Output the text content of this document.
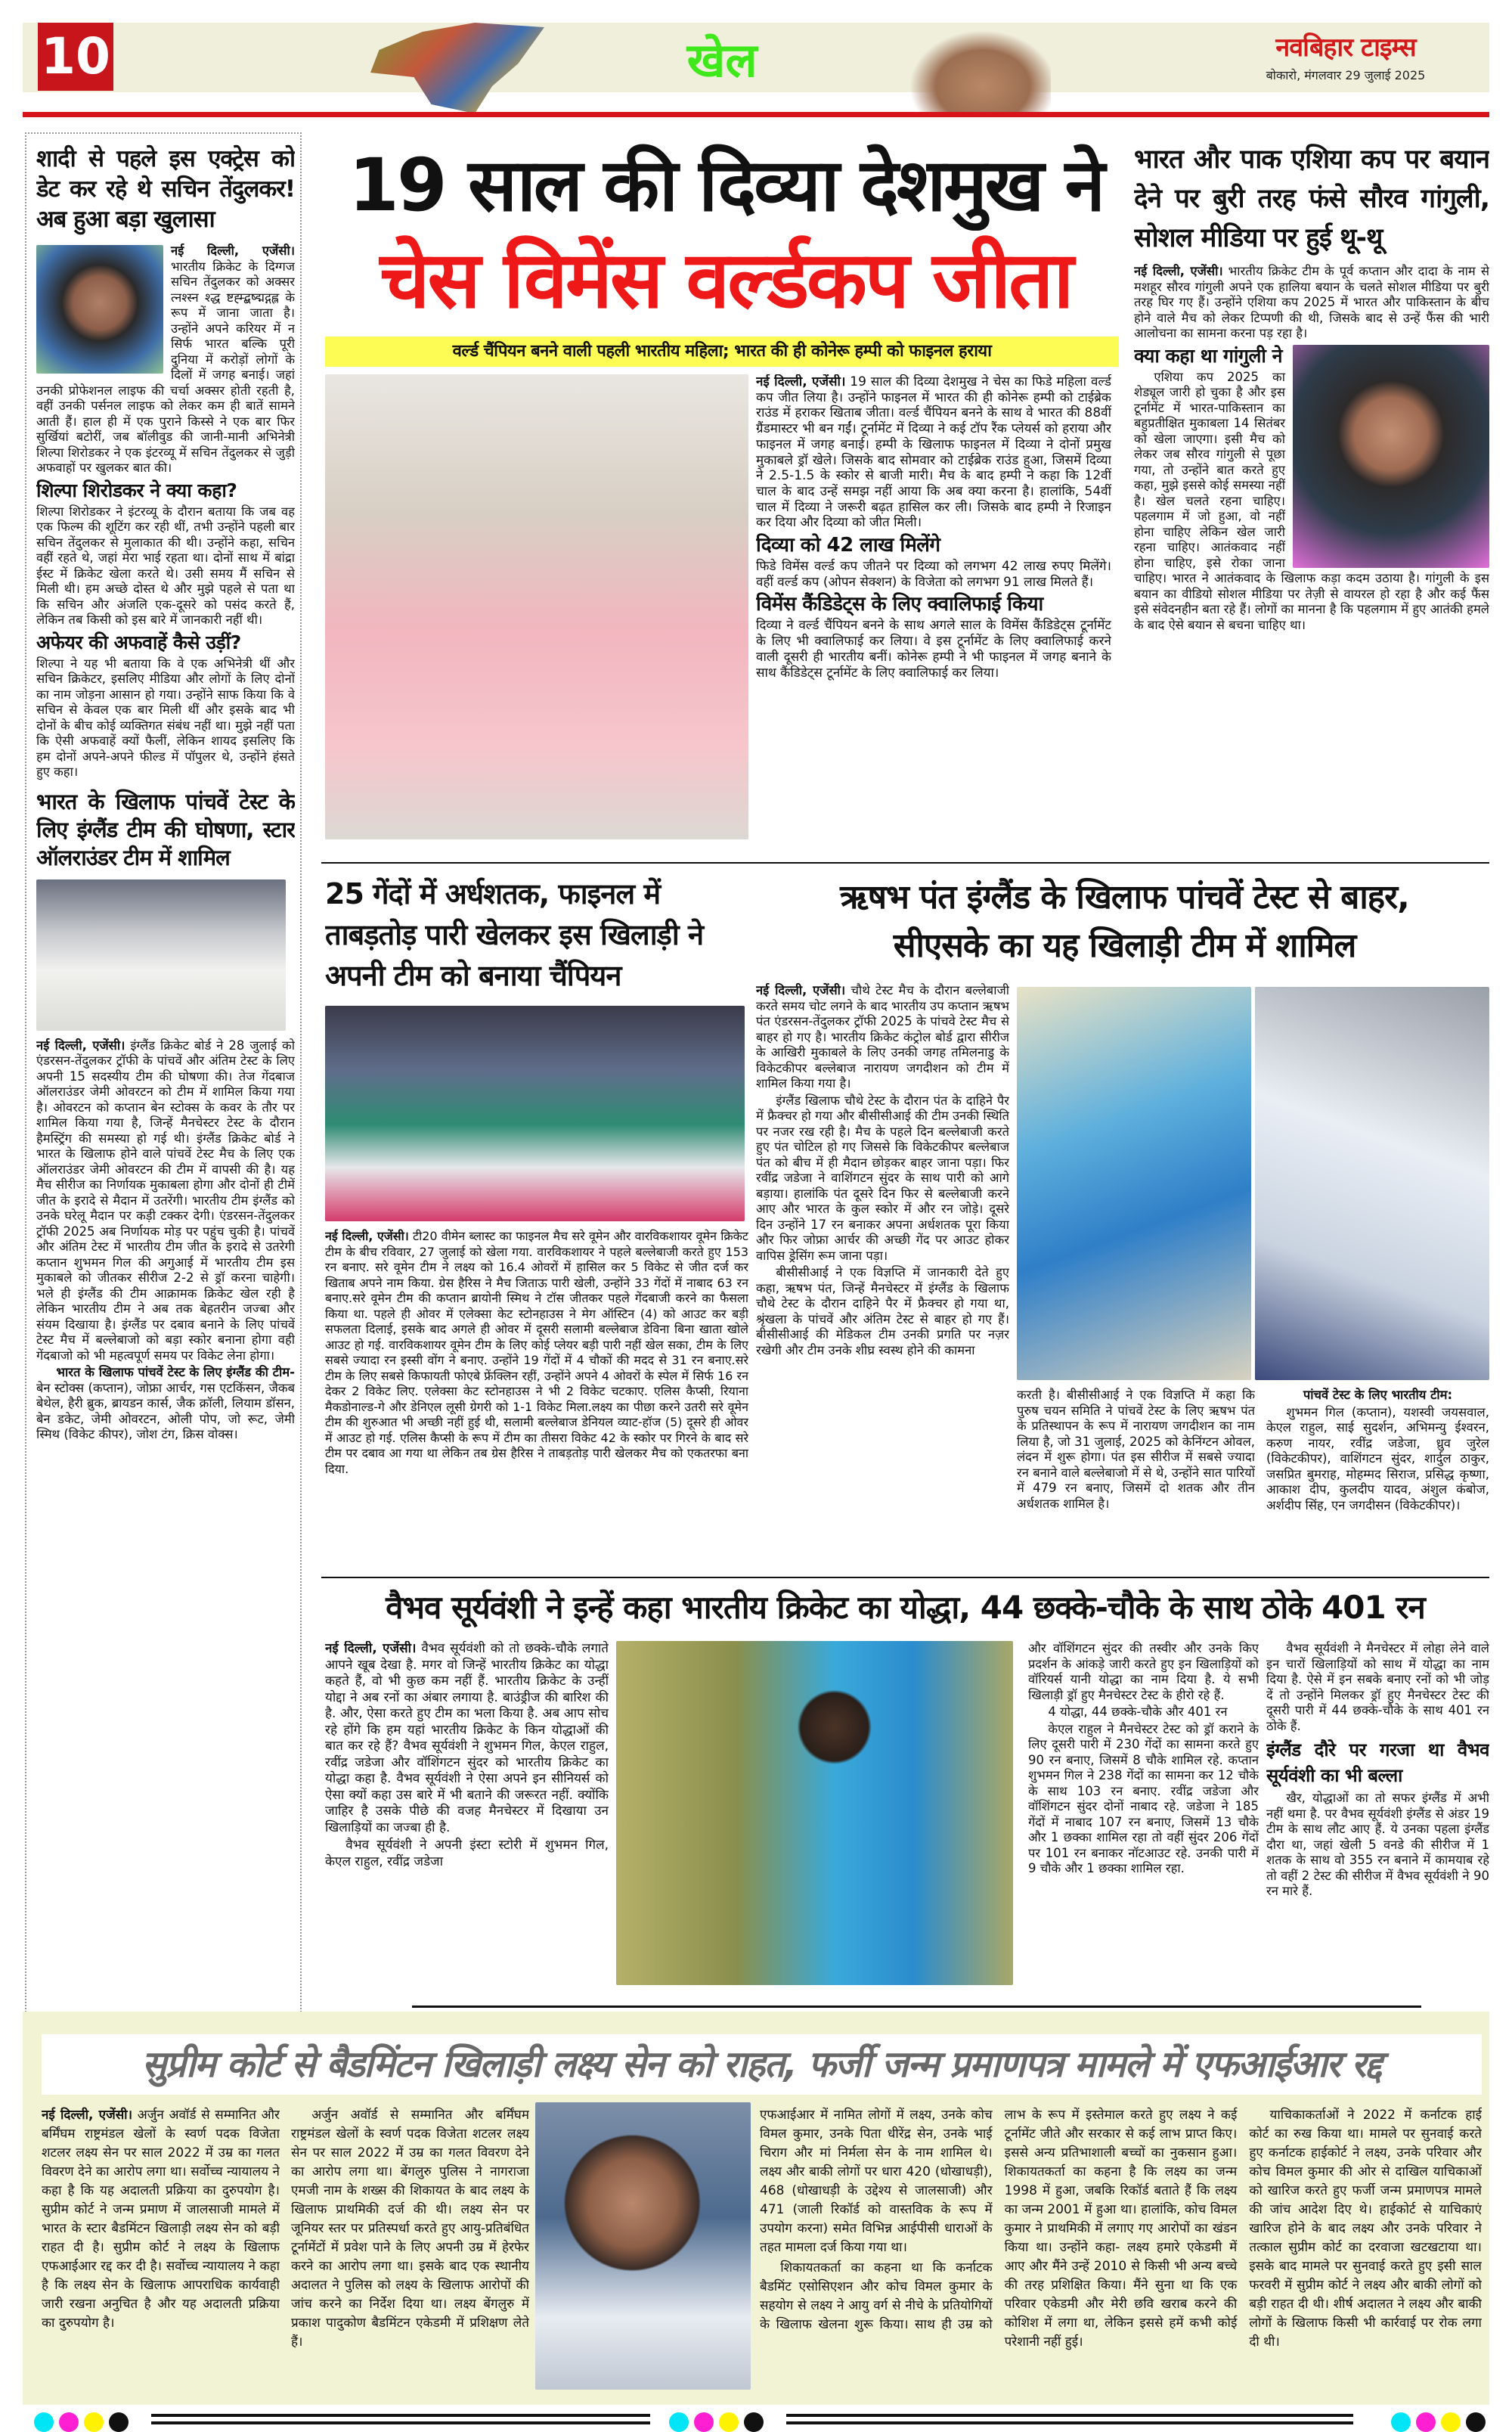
10	खेल	नवबिहार टाइम्स
बोकारो, मंगलवार 29 जुलाई 2025
शादी से पहले इस एक्ट्रेस को डेट कर रहे थे सचिन तेंदुलकर! अब हुआ बड़ा खुलासा

नई दिल्ली, एजेंसी। भारतीय क्रिकेट के दिग्गज सचिन तेंदुलकर को अक्सर त्नश्स्न श्द्ध ष्टह्म्द्बष्द्मद्गह्ल के रूप में जाना जाता है। उन्होंने अपने करियर में न सिर्फ भारत बल्कि पूरी दुनिया में करोड़ों लोगों के दिलों में जगह बनाई। जहां उनकी प्रोफेशनल लाइफ की चर्चा अक्सर होती रहती है, वहीं उनकी पर्सनल लाइफ को लेकर कम ही बातें सामने आती हैं। हाल ही में एक पुराने किस्से ने एक बार फिर सुर्खियां बटोरीं, जब बॉलीवुड की जानी-मानी अभिनेत्री शिल्पा शिरोडकर ने एक इंटरव्यू में सचिन तेंदुलकर से जुड़ी अफवाहों पर खुलकर बात की।

शिल्पा शिरोडकर ने क्या कहा?

शिल्पा शिरोडकर ने इंटरव्यू के दौरान बताया कि जब वह एक फिल्म की शूटिंग कर रही थीं, तभी उन्होंने पहली बार सचिन तेंदुलकर से मुलाकात की थी। उन्होंने कहा, सचिन वहीं रहते थे, जहां मेरा भाई रहता था। दोनों साथ में बांद्रा ईस्ट में क्रिकेट खेला करते थे। उसी समय मैं सचिन से मिली थी। हम अच्छे दोस्त थे और मुझे पहले से पता था कि सचिन और अंजलि एक-दूसरे को पसंद करते हैं, लेकिन तब किसी को इस बारे में जानकारी नहीं थी।

अफेयर की अफवाहें कैसे उड़ीं?

शिल्पा ने यह भी बताया कि वे एक अभिनेत्री थीं और सचिन क्रिकेटर, इसलिए मीडिया और लोगों के लिए दोनों का नाम जोड़ना आसान हो गया। उन्होंने साफ किया कि वे सचिन से केवल एक बार मिली थीं और इसके बाद भी दोनों के बीच कोई व्यक्तिगत संबंध नहीं था। मुझे नहीं पता कि ऐसी अफवाहें क्यों फैलीं, लेकिन शायद इसलिए कि हम दोनों अपने-अपने फील्ड में पॉपुलर थे, उन्होंने हंसते हुए कहा।

भारत के खिलाफ पांचवें टेस्ट के लिए इंग्लैंड टीम की घोषणा, स्टार ऑलराउंडर टीम में शामिल

नई दिल्ली, एजेंसी। इंग्लैंड क्रिकेट बोर्ड ने 28 जुलाई को एंडरसन-तेंदुलकर ट्रॉफी के पांचवें और अंतिम टेस्ट के लिए अपनी 15 सदस्यीय टीम की घोषणा की। तेज गेंदबाज ऑलराउंडर जेमी ओवरटन को टीम में शामिल किया गया है। ओवरटन को कप्तान बेन स्टोक्स के कवर के तौर पर शामिल किया गया है, जिन्हें मैनचेस्टर टेस्ट के दौरान हैमस्ट्रिंग की समस्या हो गई थी। इंग्लैंड क्रिकेट बोर्ड ने भारत के खिलाफ होने वाले पांचवें टेस्ट मैच के लिए एक ऑलराउंडर जेमी ओवरटन की टीम में वापसी की है। यह मैच सीरीज का निर्णायक मुकाबला होगा और दोनों ही टीमें जीत के इरादे से मैदान में उतरेंगी। भारतीय टीम इंग्लैंड को उनके घरेलू मैदान पर कड़ी टक्कर देगी। एंडरसन-तेंदुलकर ट्रॉफी 2025 अब निर्णायक मोड़ पर पहुंच चुकी है। पांचवें और अंतिम टेस्ट में भारतीय टीम जीत के इरादे से उतरेगी कप्तान शुभमन गिल की अगुआई में भारतीय टीम इस मुकाबले को जीतकर सीरीज 2-2 से ड्रॉ करना चाहेगी। भले ही इंग्लैंड की टीम आक्रामक क्रिकेट खेल रही है लेकिन भारतीय टीम ने अब तक बेहतरीन जज्बा और संयम दिखाया है। इंग्लैंड पर दबाव बनाने के लिए पांचवें टेस्ट मैच में बल्लेबाजो को बड़ा स्कोर बनाना होगा वही गेंदबाजो को भी महत्वपूर्ण समय पर विकेट लेना होगा।

भारत के खिलाफ पांचवें टेस्ट के लिए इंग्लैंड की टीम-बेन स्टोक्स (कप्तान), जोफ्रा आर्चर, गस एटकिंसन, जैकब बेथेल, हैरी ब्रुक, ब्रायडन कार्स, जैक क्रॉली, लियाम डॉसन, बेन डकेट, जेमी ओवरटन, ओली पोप, जो रूट, जेमी स्मिथ (विकेट कीपर), जोश टंग, क्रिस वोक्स।

19 साल की दिव्या देशमुख ने
चेस विमेंस वर्ल्डकप जीता
वर्ल्ड चैंपियन बनने वाली पहली भारतीय महिला; भारत की ही कोनेरू हम्पी को फाइनल हराया

नई दिल्ली, एजेंसी। 19 साल की दिव्या देशमुख ने चेस का फिडे महिला वर्ल्ड कप जीत लिया है। उन्होंने फाइनल में भारत की ही कोनेरू हम्पी को टाईब्रेक राउंड में हराकर खिताब जीता। वर्ल्ड चैंपियन बनने के साथ वे भारत की 88वीं ग्रैंडमास्टर भी बन गईं। टूर्नामेंट में दिव्या ने कई टॉप रैंक प्लेयर्स को हराया और फाइनल में जगह बनाई। हम्पी के खिलाफ फाइनल में दिव्या ने दोनों प्रमुख मुकाबले ड्रॉ खेले। जिसके बाद सोमवार को टाईब्रेक राउंड हुआ, जिसमें दिव्या ने 2.5-1.5 के स्कोर से बाजी मारी। मैच के बाद हम्पी ने कहा कि 12वीं चाल के बाद उन्हें समझ नहीं आया कि अब क्या करना है। हालांकि, 54वीं चाल में दिव्या ने जरूरी बढ़त हासिल कर ली। जिसके बाद हम्पी ने रिजाइन कर दिया और दिव्या को जीत मिली।

दिव्या को 42 लाख मिलेंगे

फिडे विमेंस वर्ल्ड कप जीतने पर दिव्या को लगभग 42 लाख रुपए मिलेंगे। वहीं वर्ल्ड कप (ओपन सेक्शन) के विजेता को लगभग 91 लाख मिलते हैं।

विमेंस कैंडिडेट्स के लिए क्वालिफाई किया

दिव्या ने वर्ल्ड चैंपियन बनने के साथ अगले साल के विमेंस कैंडिडेट्स टूर्नामेंट के लिए भी क्वालिफाई कर लिया। वे इस टूर्नामेंट के लिए क्वालिफाई करने वाली दूसरी ही भारतीय बनीं। कोनेरू हम्पी ने भी फाइनल में जगह बनाने के साथ कैंडिडेट्स टूर्नामेंट के लिए क्वालिफाई कर लिया।

भारत और पाक एशिया कप पर बयान देने पर बुरी तरह फंसे सौरव गांगुली, सोशल मीडिया पर हुई थू-थू

नई दिल्ली, एजेंसी। भारतीय क्रिकेट टीम के पूर्व कप्तान और दादा के नाम से मशहूर सौरव गांगुली अपने एक हालिया बयान के चलते सोशल मीडिया पर बुरी तरह घिर गए हैं। उन्होंने एशिया कप 2025 में भारत और पाकिस्तान के बीच होने वाले मैच को लेकर टिप्पणी की थी, जिसके बाद से उन्हें फैंस की भारी आलोचना का सामना करना पड़ रहा है।

क्या कहा था गांगुली ने

एशिया कप 2025 का शेड्यूल जारी हो चुका है और इस टूर्नामेंट में भारत-पाकिस्तान का बहुप्रतीक्षित मुकाबला 14 सितंबर को खेला जाएगा। इसी मैच को लेकर जब सौरव गांगुली से पूछा गया, तो उन्होंने बात करते हुए कहा, मुझे इससे कोई समस्या नहीं है। खेल चलते रहना चाहिए। पहलगाम में जो हुआ, वो नहीं होना चाहिए लेकिन खेल जारी रहना चाहिए। आतंकवाद नहीं होना चाहिए, इसे रोका जाना चाहिए। भारत ने आतंकवाद के खिलाफ कड़ा कदम उठाया है। गांगुली के इस बयान का वीडियो सोशल मीडिया पर तेज़ी से वायरल हो रहा है और कई फैंस इसे संवेदनहीन बता रहे हैं। लोगों का मानना है कि पहलगाम में हुए आतंकी हमले के बाद ऐसे बयान से बचना चाहिए था।

25 गेंदों में अर्धशतक, फाइनल में ताबड़तोड़ पारी खेलकर इस खिलाड़ी ने अपनी टीम को बनाया चैंपियन

नई दिल्ली, एजेंसी। टी20 वीमेन ब्लास्ट का फाइनल मैच सरे वूमेन और वारविकशायर वूमेन क्रिकेट टीम के बीच रविवार, 27 जुलाई को खेला गया. वारविकशायर ने पहले बल्लेबाजी करते हुए 153 रन बनाए. सरे वूमेन टीम ने लक्ष्य को 16.4 ओवरों में हासिल कर 5 विकेट से जीत दर्ज कर खिताब अपने नाम किया. ग्रेस हैरिस ने मैच जिताऊ पारी खेली, उन्होंने 33 गेंदों में नाबाद 63 रन बनाए.सरे वूमेन टीम की कप्तान ब्रायोनी स्मिथ ने टॉस जीतकर पहले गेंदबाजी करने का फैसला किया था. पहले ही ओवर में एलेक्सा केट स्टोनहाउस ने मेग ऑस्टिन (4) को आउट कर बड़ी सफलता दिलाई, इसके बाद अगले ही ओवर में दूसरी सलामी बल्लेबाज डेविना बिना खाता खोले आउट हो गई. वारविकशायर वूमेन टीम के लिए कोई प्लेयर बड़ी पारी नहीं खेल सका, टीम के लिए सबसे ज्यादा रन इस्सी वोंग ने बनाए. उन्होंने 19 गेंदों में 4 चौकों की मदद से 31 रन बनाए.सरे टीम के लिए सबसे किफायती फोएबे फ्रेंक्लिन रहीं, उन्होंने अपने 4 ओवरों के स्पेल में सिर्फ 16 रन देकर 2 विकेट लिए. एलेक्सा केट स्टोनहाउस ने भी 2 विकेट चटकाए. एलिस कैप्सी, रियाना मैकडोनाल्ड-गे और डेनिएल लूसी ग्रेगरी को 1-1 विकेट मिला.लक्ष्य का पीछा करने उतरी सरे वूमेन टीम की शुरुआत भी अच्छी नहीं हुई थी, सलामी बल्लेबाज डेनियल व्याट-हॉज (5) दूसरे ही ओवर में आउट हो गई. एलिस कैप्सी के रूप में टीम का तीसरा विकेट 42 के स्कोर पर गिरने के बाद सरे टीम पर दबाव आ गया था लेकिन तब ग्रेस हैरिस ने ताबड़तोड़ पारी खेलकर मैच को एकतरफा बना दिया.

ऋषभ पंत इंग्लैंड के खिलाफ पांचवें टेस्ट से बाहर,
सीएसके का यह खिलाड़ी टीम में शामिल

नई दिल्ली, एजेंसी। चौथे टेस्ट मैच के दौरान बल्लेबाजी करते समय चोट लगने के बाद भारतीय उप कप्तान ऋषभ पंत एंडरसन-तेंदुलकर ट्रॉफी 2025 के पांचवे टेस्ट मैच से बाहर हो गए है। भारतीय क्रिकेट कंट्रोल बोर्ड द्वारा सीरीज के आखिरी मुकाबले के लिए उनकी जगह तमिलनाडु के विकेटकीपर बल्लेबाज नारायण जगदीशन को टीम में शामिल किया गया है।

इंग्लैंड खिलाफ चौथे टेस्ट के दौरान पंत के दाहिने पैर में फ्रैक्चर हो गया और बीसीसीआई की टीम उनकी स्थिति पर नजर रख रही है। मैच के पहले दिन बल्लेबाजी करते हुए पंत चोटिल हो गए जिससे कि विकेटकीपर बल्लेबाज पंत को बीच में ही मैदान छोड़कर बाहर जाना पड़ा। फिर रवींद्र जडेजा ने वाशिंगटन सुंदर के साथ पारी को आगे बड़ाया। हालांकि पंत दूसरे दिन फिर से बल्लेबाजी करने आए और भारत के कुल स्कोर में और रन जोड़े। दूसरे दिन उन्होंने 17 रन बनाकर अपना अर्धशतक पूरा किया और फिर जोफ्रा आर्चर की अच्छी गेंद पर आउट होकर वापिस ड्रेसिंग रूम जाना पड़ा।

बीसीसीआई ने एक विज्ञप्ति में जानकारी देते हुए कहा, ऋषभ पंत, जिन्हें मैनचेस्टर में इंग्लैंड के खिलाफ चौथे टेस्ट के दौरान दाहिने पैर में फ्रैक्चर हो गया था, श्रृंखला के पांचवें और अंतिम टेस्ट से बाहर हो गए हैं। बीसीसीआई की मेडिकल टीम उनकी प्रगति पर नज़र रखेगी और टीम उनके शीघ्र स्वस्थ होने की कामना

करती है। बीसीसीआई ने एक विज्ञप्ति में कहा कि पुरुष चयन समिति ने पांचवें टेस्ट के लिए ऋषभ पंत के प्रतिस्थापन के रूप में नारायण जगदीशन का नाम लिया है, जो 31 जुलाई, 2025 को केनिंग्टन ओवल, लंदन में शुरू होगा। पंत इस सीरीज में सबसे ज्यादा रन बनाने वाले बल्लेबाजो में से थे, उन्होंने सात पारियों में 479 रन बनाए, जिसमें दो शतक और तीन अर्धशतक शामिल है।

पांचवें टेस्ट के लिए भारतीय टीम:

शुभमन गिल (कप्तान), यशस्वी जयसवाल, केएल राहुल, साई सुदर्शन, अभिमन्यु ईश्वरन, करुण नायर, रवींद्र जडेजा, ध्रुव जुरेल (विकेटकीपर), वाशिंगटन सुंदर, शार्दुल ठाकुर, जसप्रित बुमराह, मोहम्मद सिराज, प्रसिद्ध कृष्णा, आकाश दीप, कुलदीप यादव, अंशुल कंबोज, अर्शदीप सिंह, एन जगदीसन (विकेटकीपर)।

वैभव सूर्यवंशी ने इन्हें कहा भारतीय क्रिकेट का योद्धा, 44 छक्के-चौके के साथ ठोके 401 रन

नई दिल्ली, एजेंसी। वैभव सूर्यवंशी को तो छक्के-चौके लगाते आपने खूब देखा है. मगर वो जिन्हें भारतीय क्रिकेट का योद्धा कहते हैं, वो भी कुछ कम नहीं हैं. भारतीय क्रिकेट के उन्हीं योद्दा ने अब रनों का अंबार लगाया है. बाउंड्रीज की बारिश की है. और, ऐसा करते हुए टीम का भला किया है. अब आप सोच रहे होंगे कि हम यहां भारतीय क्रिकेट के किन योद्धाओं की बात कर रहे हैं? वैभव सूर्यवंशी ने शुभमन गिल, केएल राहुल, रवींद्र जडेजा और वॉशिंगटन सुंदर को भारतीय क्रिकेट का योद्धा कहा है. वैभव सूर्यवंशी ने ऐसा अपने इन सीनियर्स को ऐसा क्यों कहा उस बारे में भी बताने की जरूरत नहीं. क्योंकि जाहिर है उसके पीछे की वजह मैनचेस्टर में दिखाया उन खिलाड़ियों का जज्बा ही है.

वैभव सूर्यवंशी ने अपनी इंस्टा स्टोरी में शुभमन गिल, केएल राहुल, रवींद्र जडेजा

और वॉशिंगटन सुंदर की तस्वीर और उनके किए प्रदर्शन के आंकड़े जारी करते हुए इन खिलाड़ियों को वॉरियर्स यानी योद्धा का नाम दिया है. ये सभी खिलाड़ी ड्रॉ हुए मैनचेस्टर टेस्ट के हीरो रहे हैं.

4 योद्धा, 44 छक्के-चौके और 401 रन

केएल राहुल ने मैनचेस्टर टेस्ट को ड्रॉ कराने के लिए दूसरी पारी में 230 गेंदों का सामना करते हुए 90 रन बनाए, जिसमें 8 चौके शामिल रहे. कप्तान शुभमन गिल ने 238 गेंदों का सामना कर 12 चौके के साथ 103 रन बनाए. रवींद्र जडेजा और वॉशिंगटन सुंदर दोनों नाबाद रहे. जडेजा ने 185 गेंदों में नाबाद 107 रन बनाए, जिसमें 13 चौके और 1 छक्का शामिल रहा तो वहीं सुंदर 206 गेंदों पर 101 रन बनाकर नॉटआउट रहे. उनकी पारी में 9 चौके और 1 छक्का शामिल रहा.

वैभव सूर्यवंशी ने मैनचेस्टर में लोहा लेने वाले इन चारों खिलाड़ियों को साथ में योद्धा का नाम दिया है. ऐसे में इन सबके बनाए रनों को भी जोड़ दें तो उन्होंने मिलकर ड्रॉ हुए मैनचेस्टर टेस्ट की दूसरी पारी में 44 छक्के-चौके के साथ 401 रन ठोके हैं.

इंग्लैंड दौरे पर गरजा था वैभव सूर्यवंशी का भी बल्ला

खैर, योद्धाओं का तो सफर इंग्लैंड में अभी नहीं थमा है. पर वैभव सूर्यवंशी इंग्लैंड से अंडर 19 टीम के साथ लौट आए हैं. ये उनका पहला इंग्लैंड दौरा था, जहां खेली 5 वनडे की सीरीज में 1 शतक के साथ वो 355 रन बनाने में कामयाब रहे तो वहीं 2 टेस्ट की सीरीज में वैभव सूर्यवंशी ने 90 रन मारे हैं.

सुप्रीम कोर्ट से बैडमिंटन खिलाड़ी लक्ष्य सेन को राहत, फर्जी जन्म प्रमाणपत्र मामले में एफआईआर रद्द

नई दिल्ली, एजेंसी। अर्जुन अवॉर्ड से सम्मानित और बर्मिंघम राष्ट्रमंडल खेलों के स्वर्ण पदक विजेता शटलर लक्ष्य सेन पर साल 2022 में उम्र का गलत विवरण देने का आरोप लगा था। सर्वोच्च न्यायालय ने कहा है कि यह अदालती प्रक्रिया का दुरुपयोग है। सुप्रीम कोर्ट ने जन्म प्रमाण में जालसाजी मामले में भारत के स्टार बैडमिंटन खिलाड़ी लक्ष्य सेन को बड़ी राहत दी है। सुप्रीम कोर्ट ने लक्ष्य के खिलाफ एफआईआर रद्द कर दी है। सर्वोच्च न्यायालय ने कहा है कि लक्ष्य सेन के खिलाफ आपराधिक कार्यवाही जारी रखना अनुचित है और यह अदालती प्रक्रिया का दुरुपयोग है।

अर्जुन अवॉर्ड से सम्मानित और बर्मिंघम राष्ट्रमंडल खेलों के स्वर्ण पदक विजेता शटलर लक्ष्य सेन पर साल 2022 में उम्र का गलत विवरण देने का आरोप लगा था। बेंगलुरु पुलिस ने नागराजा एमजी नाम के शख्स की शिकायत के बाद लक्ष्य के खिलाफ प्राथमिकी दर्ज की थी। लक्ष्य सेन पर जूनियर स्तर पर प्रतिस्पर्धा करते हुए आयु-प्रतिबंधित टूर्नामेंटों में प्रवेश पाने के लिए अपनी उम्र में हेरफेर करने का आरोप लगा था। इसके बाद एक स्थानीय अदालत ने पुलिस को लक्ष्य के खिलाफ आरोपों की जांच करने का निर्देश दिया था। लक्ष्य बेंगलुरु में प्रकाश पादुकोण बैडमिंटन एकेडमी में प्रशिक्षण लेते हैं।

एफआईआर में नामित लोगों में लक्ष्य, उनके कोच विमल कुमार, उनके पिता धीरेंद्र सेन, उनके भाई चिराग और मां निर्मला सेन के नाम शामिल थे। लक्ष्य और बाकी लोगों पर धारा 420 (धोखाधड़ी), 468 (धोखाधड़ी के उद्देश्य से जालसाजी) और 471 (जाली रिकॉर्ड को वास्तविक के रूप में उपयोग करना) समेत विभिन्न आईपीसी धाराओं के तहत मामला दर्ज किया गया था।

शिकायतकर्ता का कहना था कि कर्नाटक बैडमिंट एसोसिएशन और कोच विमल कुमार के सहयोग से लक्ष्य ने आयु वर्ग से नीचे के प्रतियोगियों के खिलाफ खेलना शुरू किया। साथ ही उम्र को लाभ के रूप में इस्तेमाल करते हुए लक्ष्य ने कई टूर्नामेंट जीते और सरकार से कई लाभ प्राप्त किए। इससे अन्य प्रतिभाशाली बच्चों का नुकसान हुआ। शिकायतकर्ता का कहना है कि लक्ष्य का जन्म 1998 में हुआ, जबकि रिकॉर्ड बताते हैं कि लक्ष्य का जन्म 2001 में हुआ था। हालांकि, कोच विमल कुमार ने प्राथमिकी में लगाए गए आरोपों का खंडन किया था। उन्होंने कहा- लक्ष्य हमारे एकेडमी में आए और मैंने उन्हें 2010 से किसी भी अन्य बच्चे की तरह प्रशिक्षित किया। मैंने सुना था कि एक परिवार एकेडमी और मेरी छवि खराब करने की कोशिश में लगा था, लेकिन इससे हमें कभी कोई परेशानी नहीं हुई।

याचिकाकर्ताओं ने 2022 में कर्नाटक हाई कोर्ट का रुख किया था। मामले पर सुनवाई करते हुए कर्नाटक हाईकोर्ट ने लक्ष्य, उनके परिवार और कोच विमल कुमार की ओर से दाखिल याचिकाओं को खारिज करते हुए फर्जी जन्म प्रमाणपत्र मामले की जांच आदेश दिए थे। हाईकोर्ट से याचिकाएं खारिज होने के बाद लक्ष्य और उनके परिवार ने तत्काल सुप्रीम कोर्ट का दरवाजा खटखटाया था। इसके बाद मामले पर सुनवाई करते हुए इसी साल फरवरी में सुप्रीम कोर्ट ने लक्ष्य और बाकी लोगों को बड़ी राहत दी थी। शीर्ष अदालत ने लक्ष्य और बाकी लोगों के खिलाफ किसी भी कार्रवाई पर रोक लगा दी थी।
